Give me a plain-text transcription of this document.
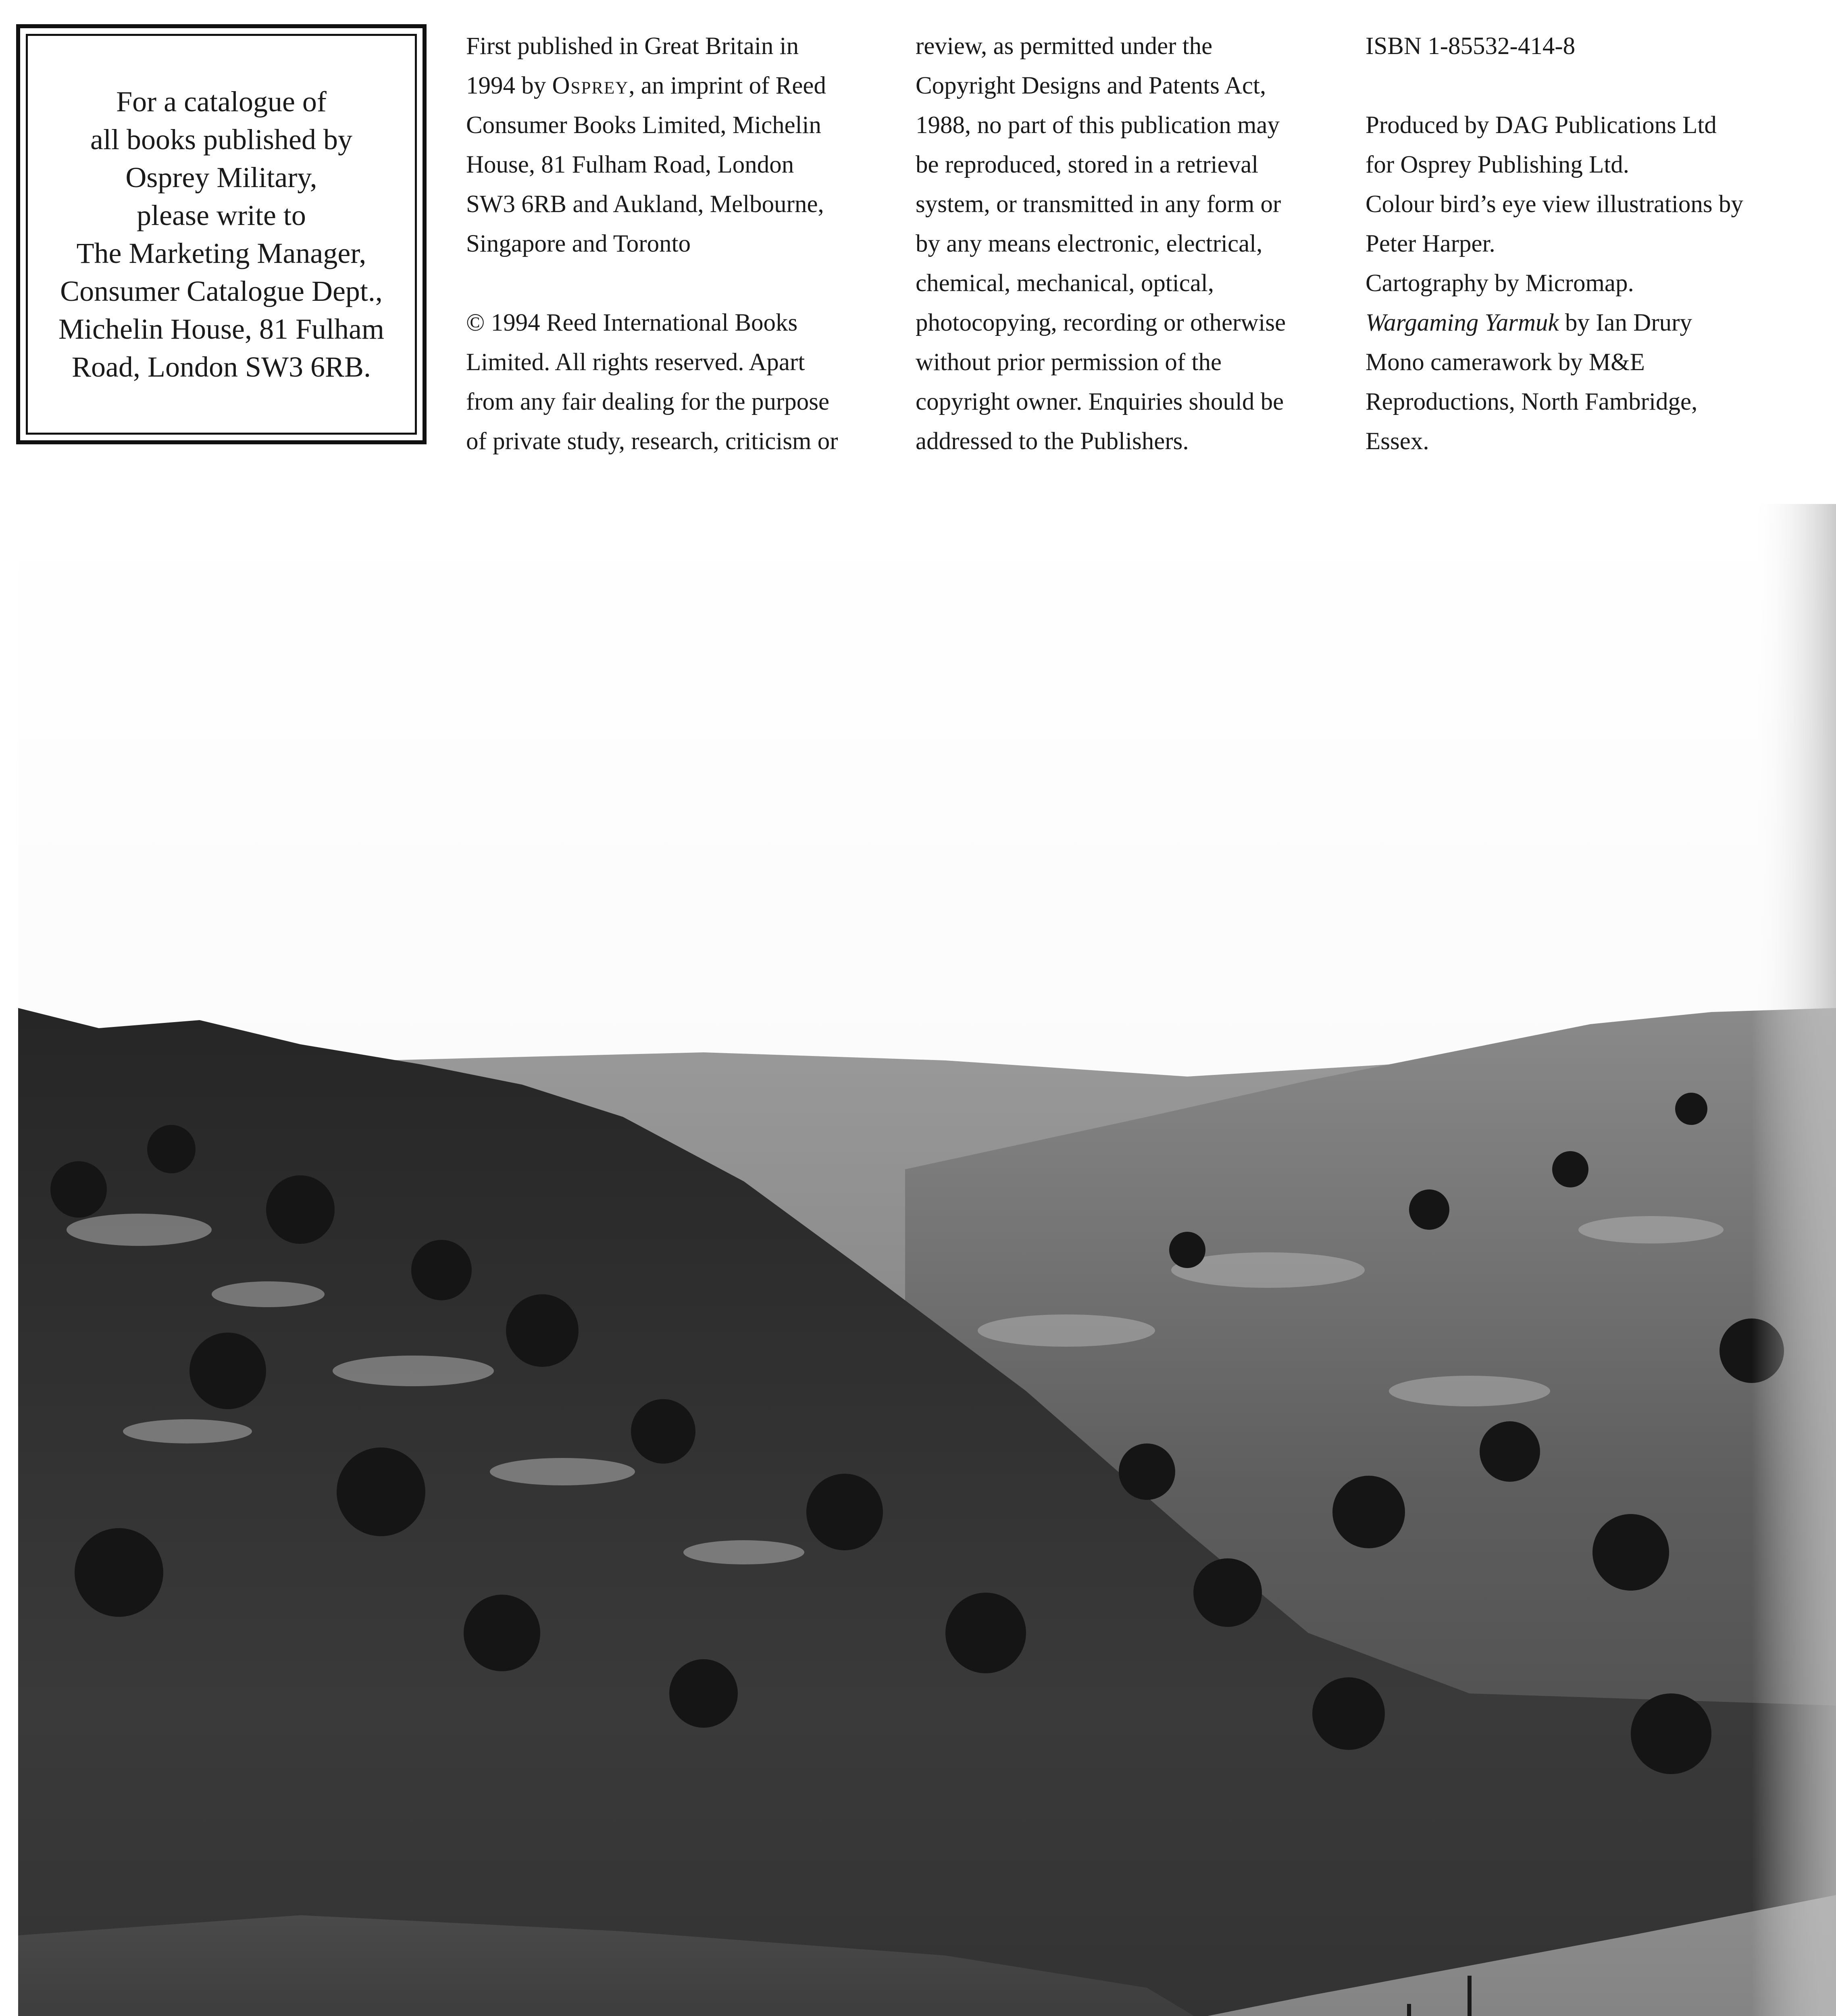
For a catalogue of
all books published by
Osprey Military,
please write to
The Marketing Manager,
Consumer Catalogue Dept.,
Michelin House, 81 Fulham
Road, London SW3 6RB.
First published in Great Britain in
1994 by Osprey, an imprint of Reed
Consumer Books Limited, Michelin
House, 81 Fulham Road, London
SW3 6RB and Aukland, Melbourne,
Singapore and Toronto
© 1994 Reed International Books
Limited. All rights reserved. Apart
from any fair dealing for the purpose
of private study, research, criticism or
review, as permitted under the
Copyright Designs and Patents Act,
1988, no part of this publication may
be reproduced, stored in a retrieval
system, or transmitted in any form or
by any means electronic, electrical,
chemical, mechanical, optical,
photocopying, recording or otherwise
without prior permission of the
copyright owner. Enquiries should be
addressed to the Publishers.
ISBN 1-85532-414-8
Produced by DAG Publications Ltd
for Osprey Publishing Ltd.
Colour bird’s eye view illustrations by
Peter Harper.
Cartography by Micromap.
Wargaming Yarmuk by Ian Drury
Mono camerawork by M&E
Reproductions, North Fambridge,
Essex.
